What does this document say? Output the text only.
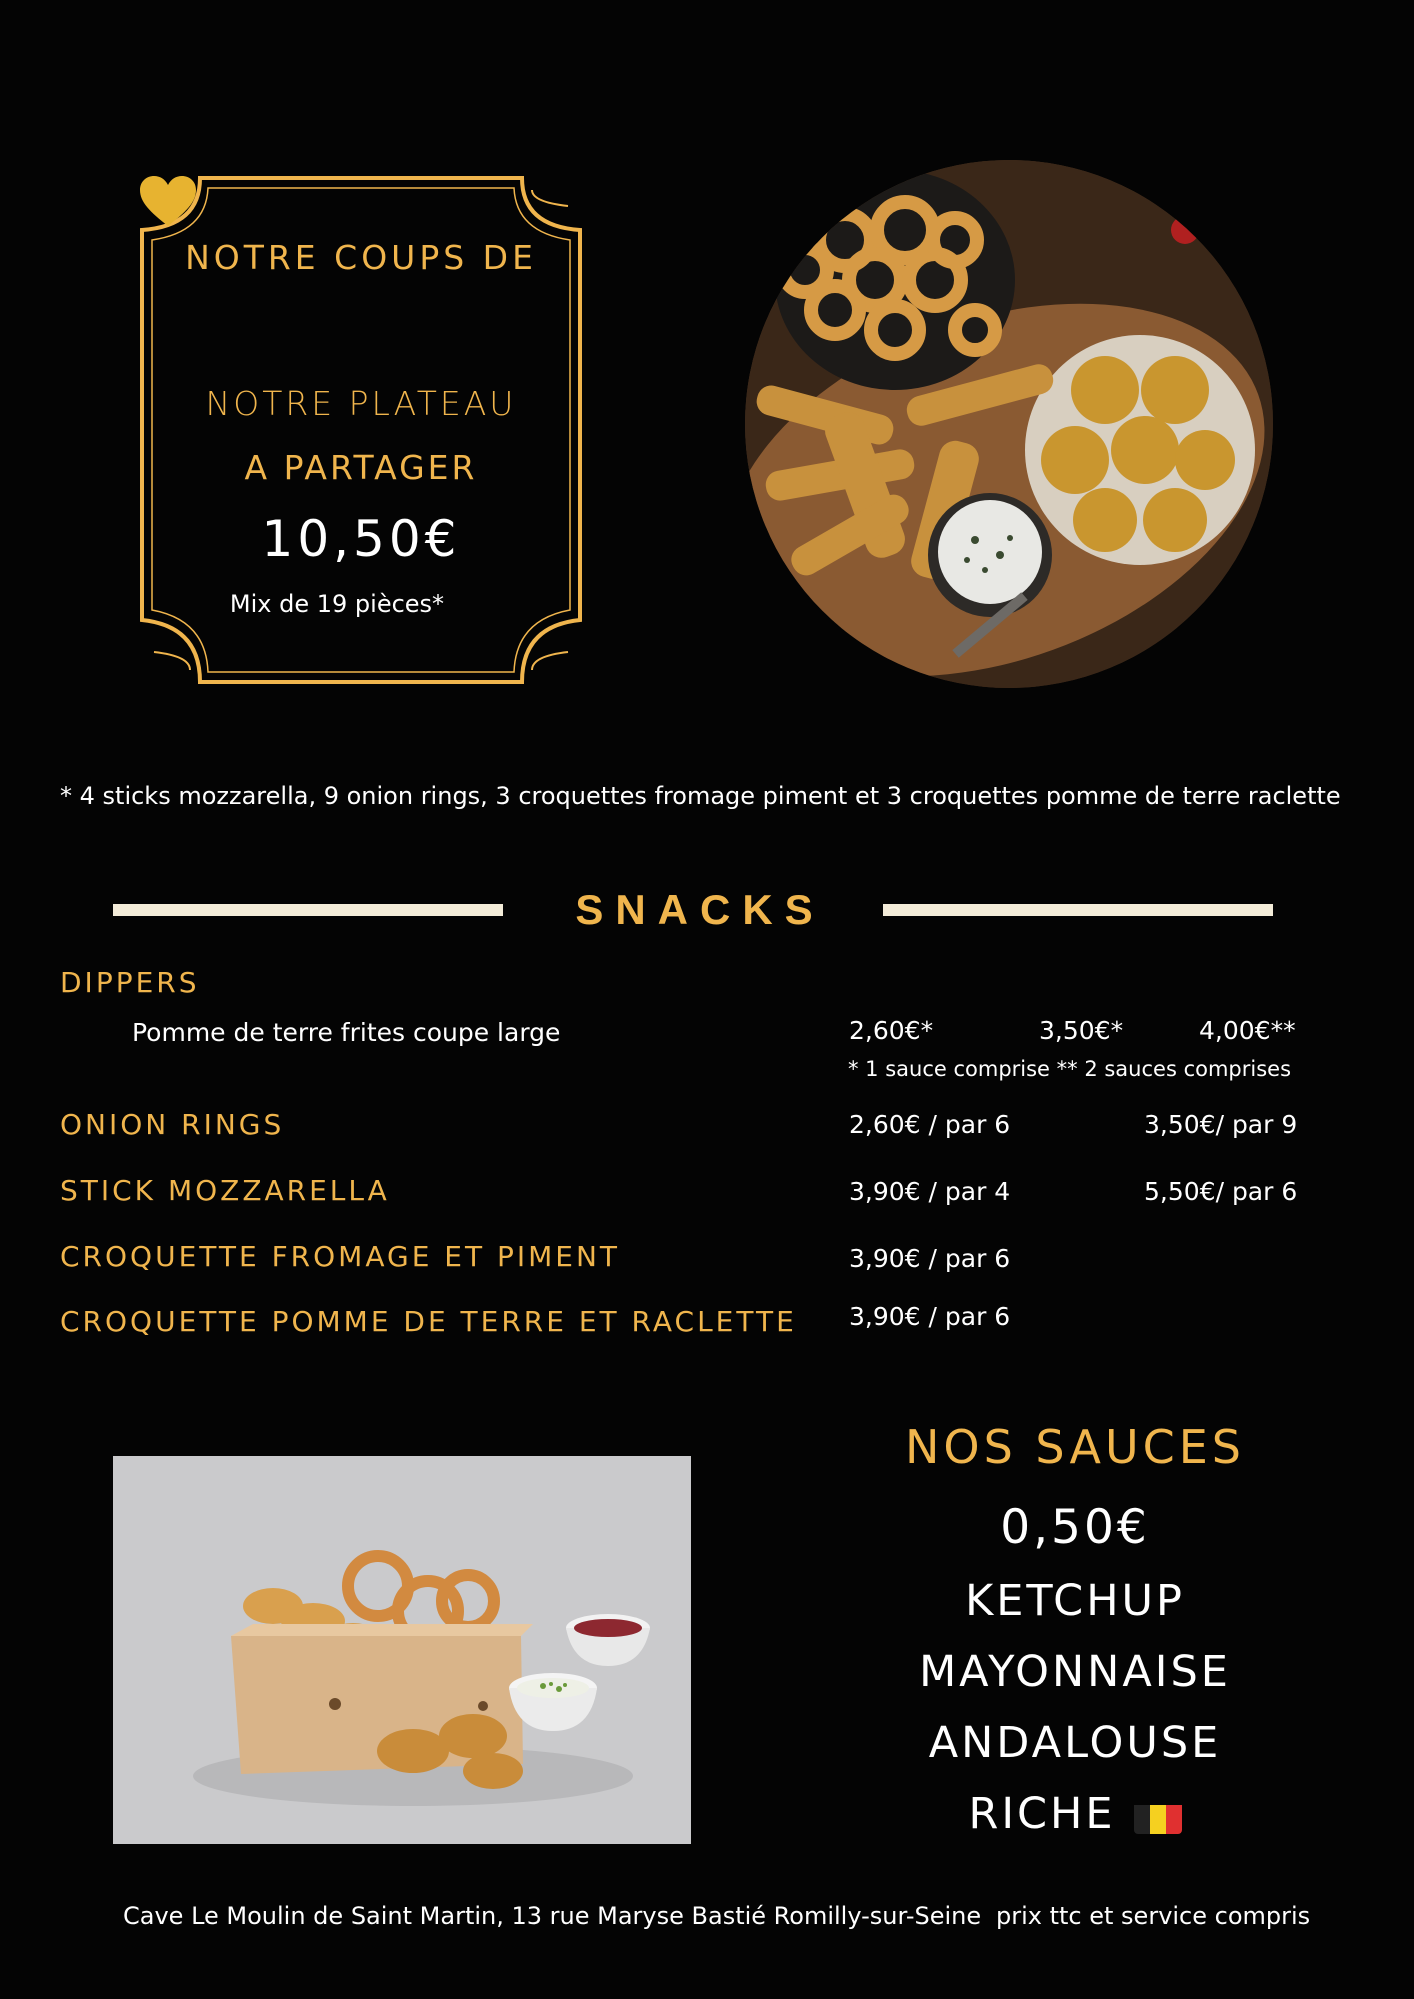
NOTRE COUPS DE
NOTRE PLATEAU
A PARTAGER
10,50€
Mix de 19 pièces*
* 4 sticks mozzarella, 9 onion rings, 3 croquettes fromage piment et 3 croquettes pomme de terre raclette
SNACKS
DIPPERS
Pomme de terre frites coupe large	2,60€*	3,50€*	4,00€**
* 1 sauce comprise ** 2 sauces comprises
ONION RINGS	2,60€ / par 6	3,50€/ par 9
STICK MOZZARELLA	3,90€ / par 4	5,50€/ par 6
CROQUETTE FROMAGE ET PIMENT	3,90€ / par 6
CROQUETTE POMME DE TERRE ET RACLETTE 3,90€ / par 6
NOS SAUCES
0,50€
KETCHUP
MAYONNAISE
ANDALOUSE
RICHE
Cave Le Moulin de Saint Martin, 13 rue Maryse Bastié Romilly-sur-Seine prix ttc et service compris
